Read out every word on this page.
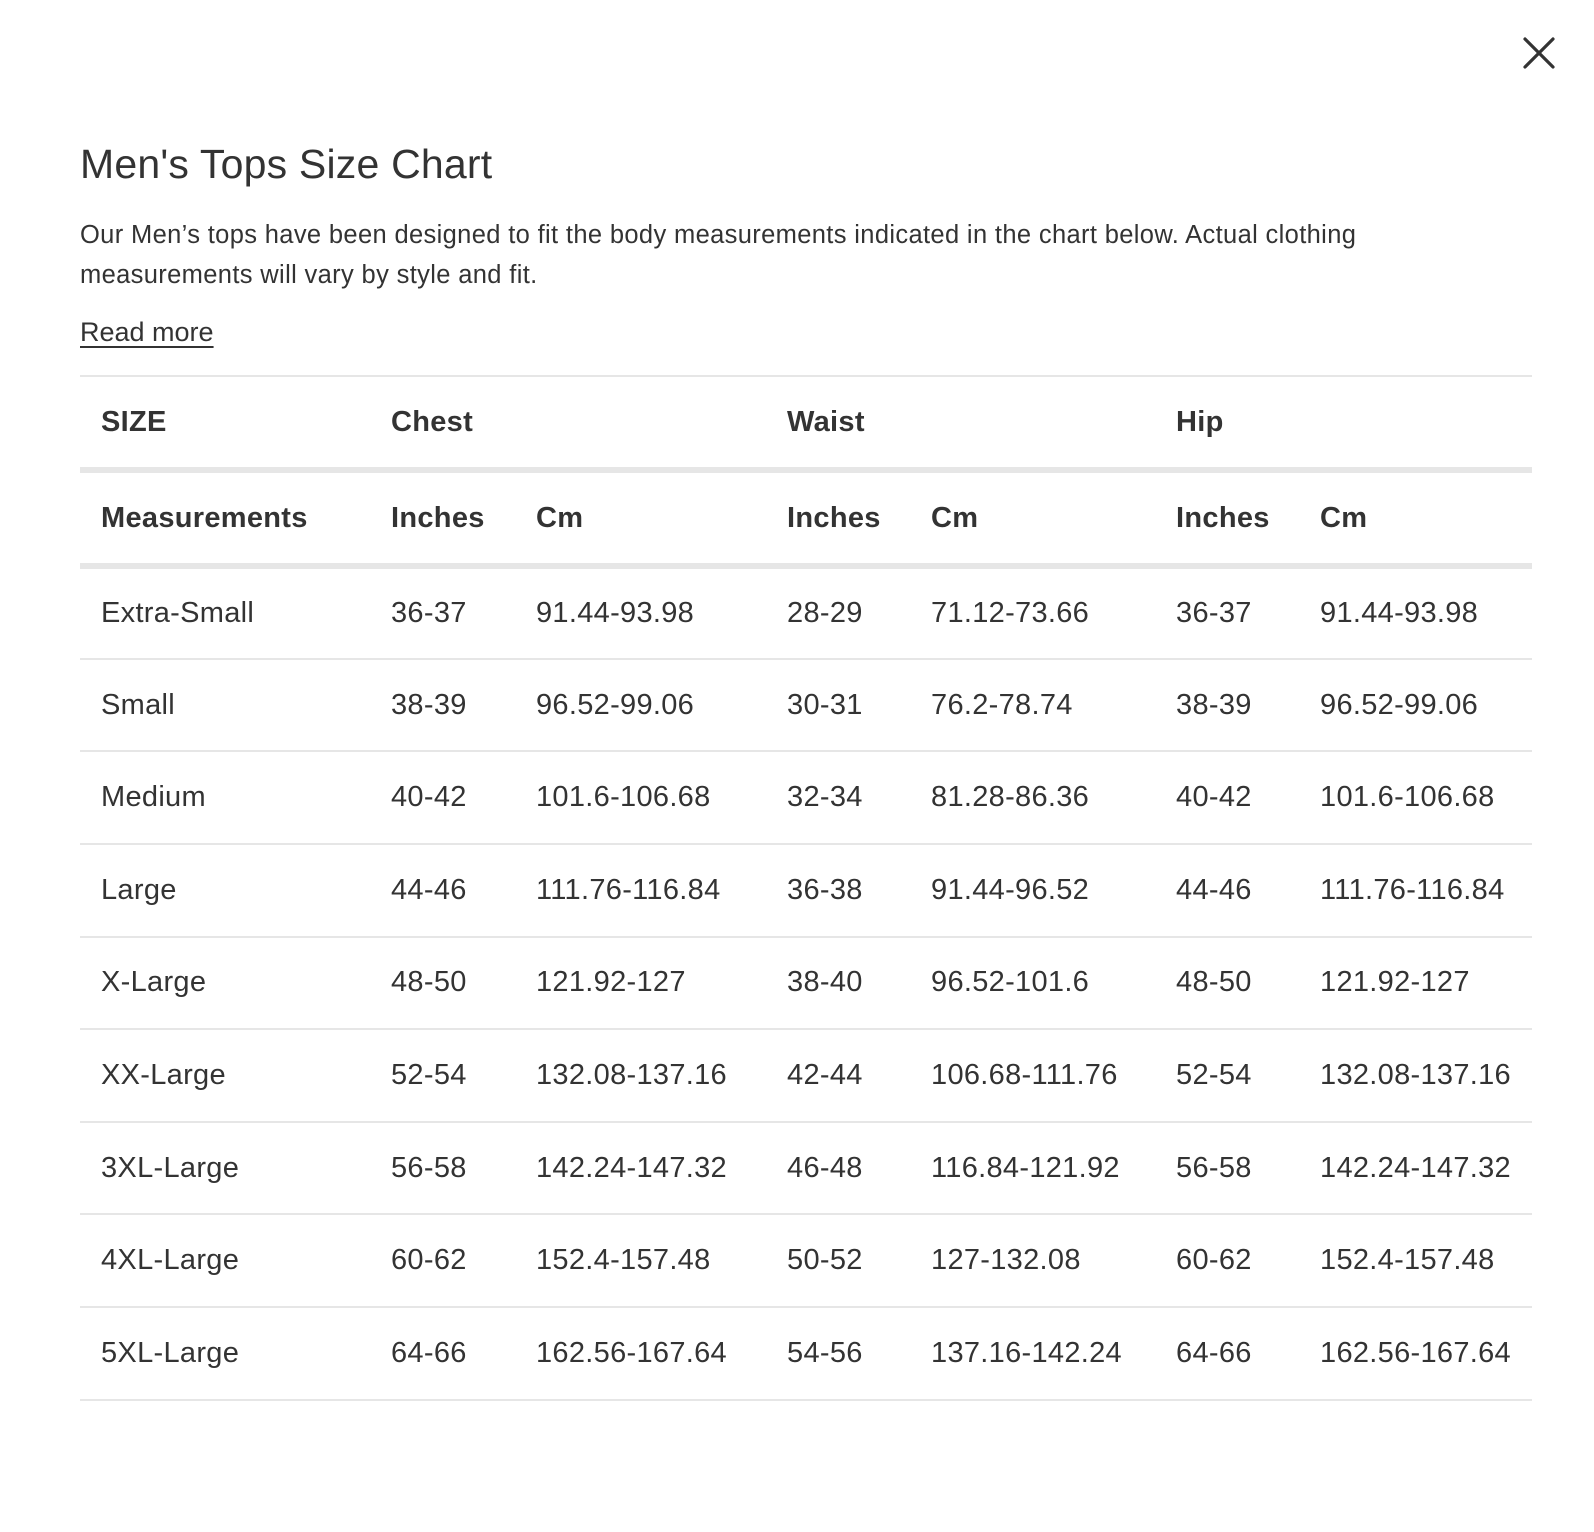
Men's Tops Size Chart

Our Men’s tops have been designed to fit the body measurements indicated in the chart below. Actual clothing measurements will vary by style and fit.

Read more
SIZE	Chest		Waist		Hip	
Measurements	Inches	Cm	Inches	Cm	Inches	Cm
Extra-Small	36-37	91.44-93.98	28-29	71.12-73.66	36-37	91.44-93.98
Small	38-39	96.52-99.06	30-31	76.2-78.74	38-39	96.52-99.06
Medium	40-42	101.6-106.68	32-34	81.28-86.36	40-42	101.6-106.68
Large	44-46	111.76-116.84	36-38	91.44-96.52	44-46	111.76-116.84
X-Large	48-50	121.92-127	38-40	96.52-101.6	48-50	121.92-127
XX-Large	52-54	132.08-137.16	42-44	106.68-111.76	52-54	132.08-137.16
3XL-Large	56-58	142.24-147.32	46-48	116.84-121.92	56-58	142.24-147.32
4XL-Large	60-62	152.4-157.48	50-52	127-132.08	60-62	152.4-157.48
5XL-Large	64-66	162.56-167.64	54-56	137.16-142.24	64-66	162.56-167.64
